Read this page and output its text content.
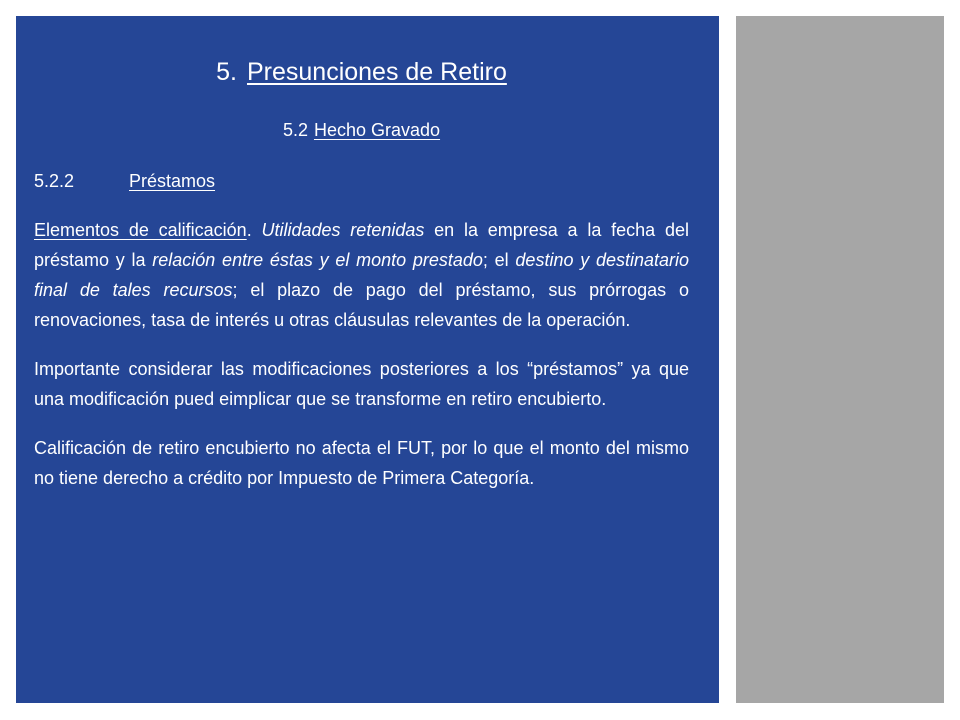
5. Presunciones de Retiro
5.2 Hecho Gravado
5.2.2	Préstamos

Elementos de calificación. Utilidades retenidas en la empresa a la fecha del préstamo y la relación entre éstas y el monto prestado; el destino y destinatario final de tales recursos; el plazo de pago del préstamo, sus prórrogas o renovaciones, tasa de interés u otras cláusulas relevantes de la operación.

Importante considerar las modificaciones posteriores a los “préstamos” ya que una modificación pued eimplicar que se transforme en retiro encubierto.

Calificación de retiro encubierto no afecta el FUT, por lo que el monto del mismo no tiene derecho a crédito por Impuesto de Primera Categoría.
